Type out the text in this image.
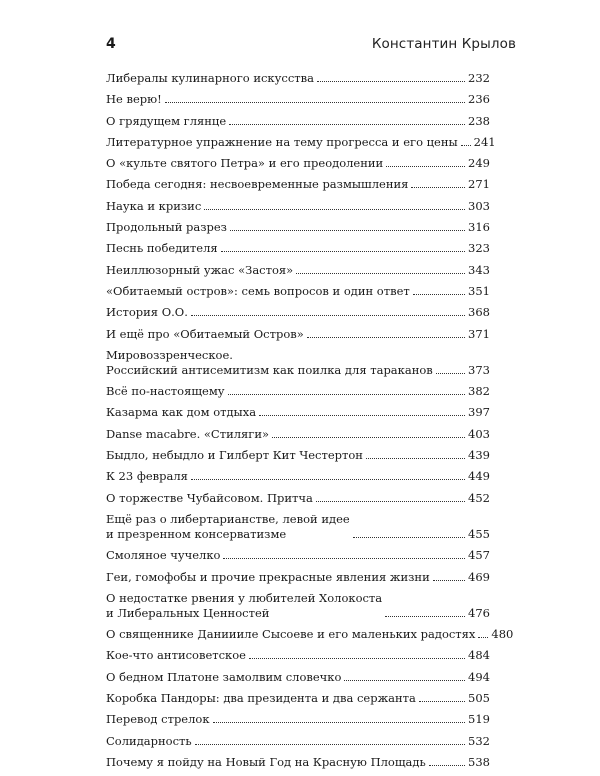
4	Константин Крылов
Либералы кулинарного искусства	232
Не верю!	236
О грядущем глянце	238
Литературное упражнение на тему прогресса и его цены 241
О «культе святого Петра» и его преодолении	249
Победа сегодня: несвоевременные размышления	271
Наука и кризис	303
Продольный разрез	316
Песнь победителя	323
Неиллюзорный ужас «Застоя»	343
«Обитаемый остров»: семь вопросов и один ответ	351
История О.О.	368
И ещё про «Обитаемый Остров»	371
Мировоззренческое.
Российский антисемитизм как поилка для тараканов	373
Всё по-настоящему	382
Казарма как дом отдыха	397
Danse macabre. «Стиляги»	403
Быдло, небыдло и Гилберт Кит Честертон	439
К 23 февраля	449
О торжестве Чубайсовом. Притча	452
Ещё раз о либертарианстве, левой идее
и презренном консерватизме	455
Смоляное чучелко	457
Геи, гомофобы и прочие прекрасные явления жизни	469
О недостатке рвения у любителей Холокоста
и Либеральных Ценностей	476
О священнике Даниииле Сысоеве и его маленьких радостях 480
Кое-что антисоветское	484
О бедном Платоне замолвим словечко	494
Коробка Пандоры: два президента и два сержанта	505
Перевод стрелок	519
Солидарность	532
Почему я пойду на Новый Год на Красную Площадь	538
